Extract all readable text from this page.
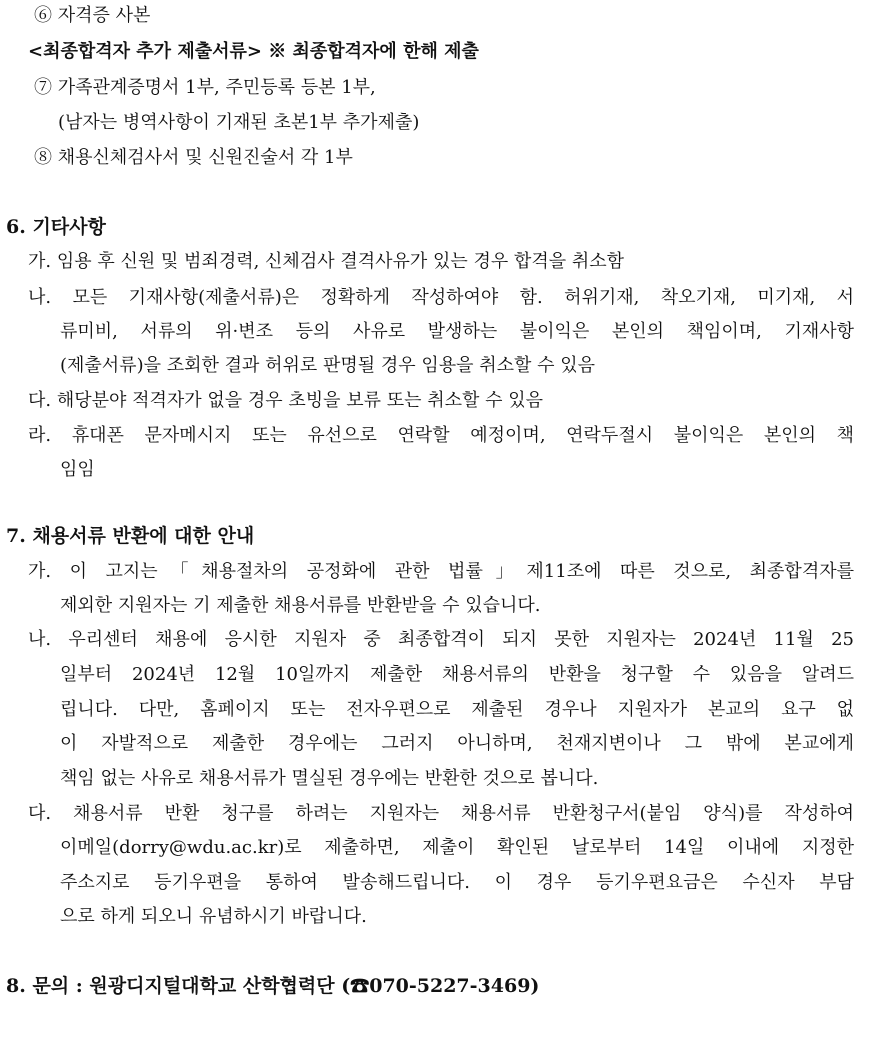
⑥ 자격증 사본
<최종합격자 추가 제출서류> ※ 최종합격자에 한해 제출
⑦ 가족관계증명서 1부, 주민등록 등본 1부,
(남자는 병역사항이 기재된 초본1부 추가제출)
⑧ 채용신체검사서 및 신원진술서 각 1부
6. 기타사항
가. 임용 후 신원 및 범죄경력, 신체검사 결격사유가 있는 경우 합격을 취소함
나. 모든 기재사항(제출서류)은 정확하게 작성하여야 함. 허위기재, 착오기재, 미기재, 서
류미비, 서류의 위·변조 등의 사유로 발생하는 불이익은 본인의 책임이며, 기재사항
(제출서류)을 조회한 결과 허위로 판명될 경우 임용을 취소할 수 있음
다. 해당분야 적격자가 없을 경우 초빙을 보류 또는 취소할 수 있음
라. 휴대폰 문자메시지 또는 유선으로 연락할 예정이며, 연락두절시 불이익은 본인의 책
임임
7. 채용서류 반환에 대한 안내
가. 이 고지는「채용절차의 공정화에 관한 법률」제11조에 따른 것으로, 최종합격자를
제외한 지원자는 기 제출한 채용서류를 반환받을 수 있습니다.
나. 우리센터 채용에 응시한 지원자 중 최종합격이 되지 못한 지원자는 2024년 11월 25
일부터 2024년 12월 10일까지 제출한 채용서류의 반환을 청구할 수 있음을 알려드
립니다. 다만, 홈페이지 또는 전자우편으로 제출된 경우나 지원자가 본교의 요구 없
이 자발적으로 제출한 경우에는 그러지 아니하며, 천재지변이나 그 밖에 본교에게
책임 없는 사유로 채용서류가 멸실된 경우에는 반환한 것으로 봅니다.
다. 채용서류 반환 청구를 하려는 지원자는 채용서류 반환청구서(붙임 양식)를 작성하여
이메일(dorry@wdu.ac.kr)로 제출하면, 제출이 확인된 날로부터 14일 이내에 지정한
주소지로 등기우편을 통하여 발송해드립니다. 이 경우 등기우편요금은 수신자 부담
으로 하게 되오니 유념하시기 바랍니다.
8. 문의 : 원광디지털대학교 산학협력단 (☎070-5227-3469)
